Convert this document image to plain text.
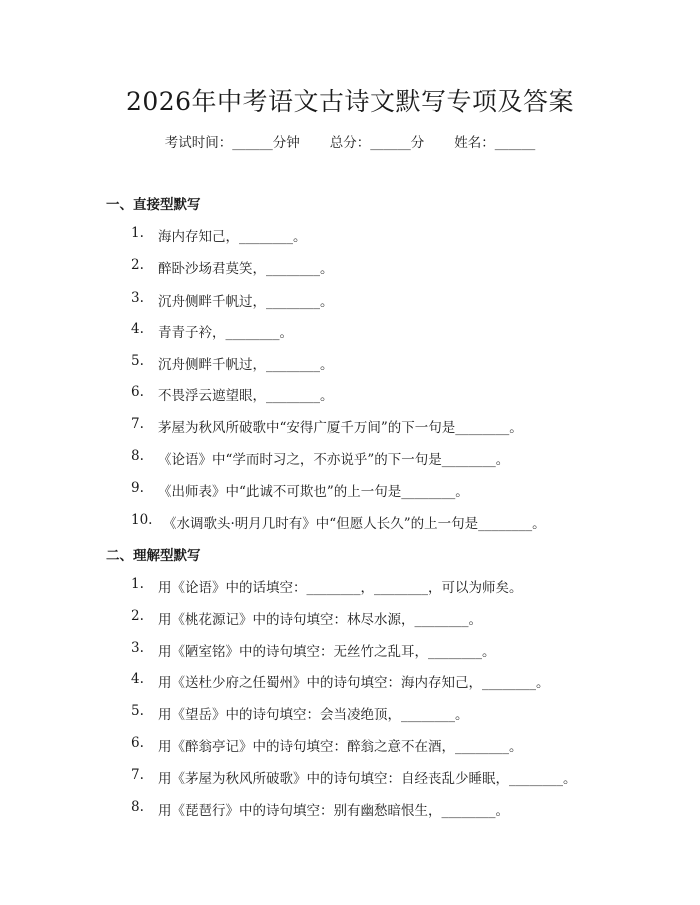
2026年中考语文古诗文默写专项及答案
考试时间：______分钟 总分：______分 姓名：______
一、直接型默写
1. 海内存知己，________。
2. 醉卧沙场君莫笑，________。
3. 沉舟侧畔千帆过，________。
4. 青青子衿，________。
5. 沉舟侧畔千帆过，________。
6. 不畏浮云遮望眼，________。
7. 茅屋为秋风所破歌中“安得广厦千万间”的下一句是________。
8. 《论语》中“学而时习之，不亦说乎”的下一句是________。
9. 《出师表》中“此诚不可欺也”的上一句是________。
10. 《水调歌头·明月几时有》中“但愿人长久”的上一句是________。
二、理解型默写
1. 用《论语》中的话填空：________，________，可以为师矣。
2. 用《桃花源记》中的诗句填空：林尽水源，________。
3. 用《陋室铭》中的诗句填空：无丝竹之乱耳，________。
4. 用《送杜少府之任蜀州》中的诗句填空：海内存知己，________。
5. 用《望岳》中的诗句填空：会当凌绝顶，________。
6. 用《醉翁亭记》中的诗句填空：醉翁之意不在酒，________。
7. 用《茅屋为秋风所破歌》中的诗句填空：自经丧乱少睡眠，________。
8. 用《琵琶行》中的诗句填空：别有幽愁暗恨生，________。
